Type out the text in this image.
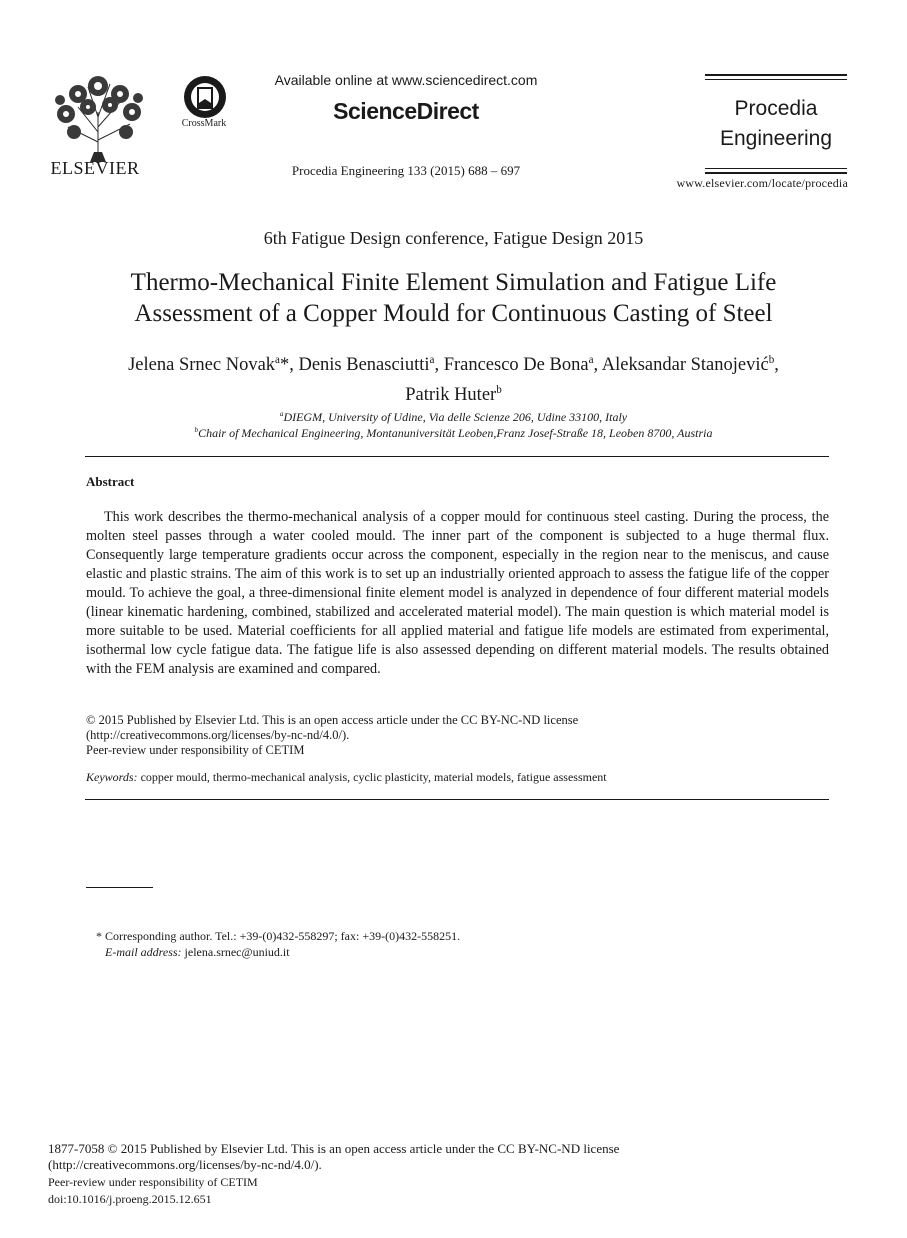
ELSEVIER
CrossMark
Available online at www.sciencedirect.com
ScienceDirect
Procedia Engineering 133 (2015) 688 – 697
Procedia
Engineering
www.elsevier.com/locate/procedia
6th Fatigue Design conference, Fatigue Design 2015
Thermo-Mechanical Finite Element Simulation and Fatigue Life
Assessment of a Copper Mould for Continuous Casting of Steel
Jelena Srnec Novak$^a$*, Denis Benasciutti$^a$, Francesco De Bona$^a$, Aleksandar Stanojević$^b$,
Patrik Huter$^b$
$^a$DIEGM, University of Udine, Via delle Scienze 206, Udine 33100, Italy
$^b$Chair of Mechanical Engineering, Montanuniversität Leoben,Franz Josef-Straße 18, Leoben 8700, Austria
Abstract
This work describes the thermo-mechanical analysis of a copper mould for continuous steel casting. During the process, the molten steel passes through a water cooled mould. The inner part of the component is subjected to a huge thermal flux. Consequently large temperature gradients occur across the component, especially in the region near to the meniscus, and cause elastic and plastic strains. The aim of this work is to set up an industrially oriented approach to assess the fatigue life of the copper mould. To achieve the goal, a three-dimensional finite element model is analyzed in dependence of four different material models (linear kinematic hardening, combined, stabilized and accelerated material model). The main question is which material model is more suitable to be used. Material coefficients for all applied material and fatigue life models are estimated from experimental, isothermal low cycle fatigue data. The fatigue life is also assessed depending on different material models. The results obtained with the FEM analysis are examined and compared.
© 2015 Published by Elsevier Ltd. This is an open access article under the CC BY-NC-ND license
(http://creativecommons.org/licenses/by-nc-nd/4.0/).
Peer-review under responsibility of CETIM
Keywords: copper mould, thermo-mechanical analysis, cyclic plasticity, material models, fatigue assessment
* Corresponding author. Tel.: +39-(0)432-558297; fax: +39-(0)432-558251.
E-mail address: jelena.srnec@uniud.it
1877-7058 © 2015 Published by Elsevier Ltd. This is an open access article under the CC BY-NC-ND license
(http://creativecommons.org/licenses/by-nc-nd/4.0/).
Peer-review under responsibility of CETIM
doi:10.1016/j.proeng.2015.12.651
